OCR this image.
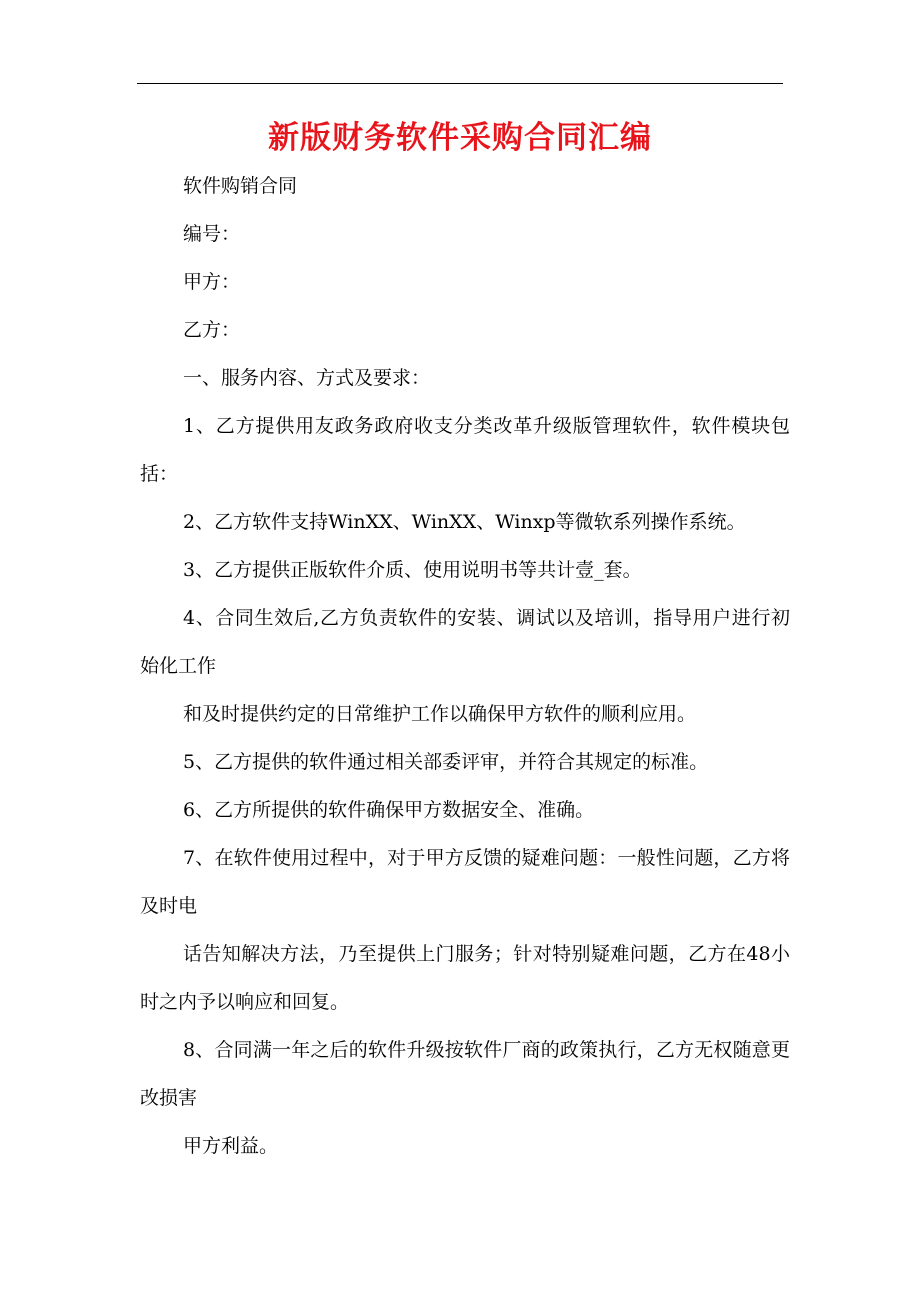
新版财务软件采购合同汇编

软件购销合同

编号：

甲方：

乙方：

一、服务内容、方式及要求：

1、乙方提供用友政务政府收支分类改革升级版管理软件，软件模块包括：

2、乙方软件支持WinXX、WinXX、Winxp等微软系列操作系统。

3、乙方提供正版软件介质、使用说明书等共计壹_套。

4、合同生效后,乙方负责软件的安装、调试以及培训，指导用户进行初始化工作

和及时提供约定的日常维护工作以确保甲方软件的顺利应用。

5、乙方提供的软件通过相关部委评审，并符合其规定的标准。

6、乙方所提供的软件确保甲方数据安全、准确。

7、在软件使用过程中，对于甲方反馈的疑难问题：一般性问题，乙方将及时电

话告知解决方法，乃至提供上门服务；针对特别疑难问题，乙方在48小时之内予以响应和回复。

8、合同满一年之后的软件升级按软件厂商的政策执行，乙方无权随意更改损害

甲方利益。
